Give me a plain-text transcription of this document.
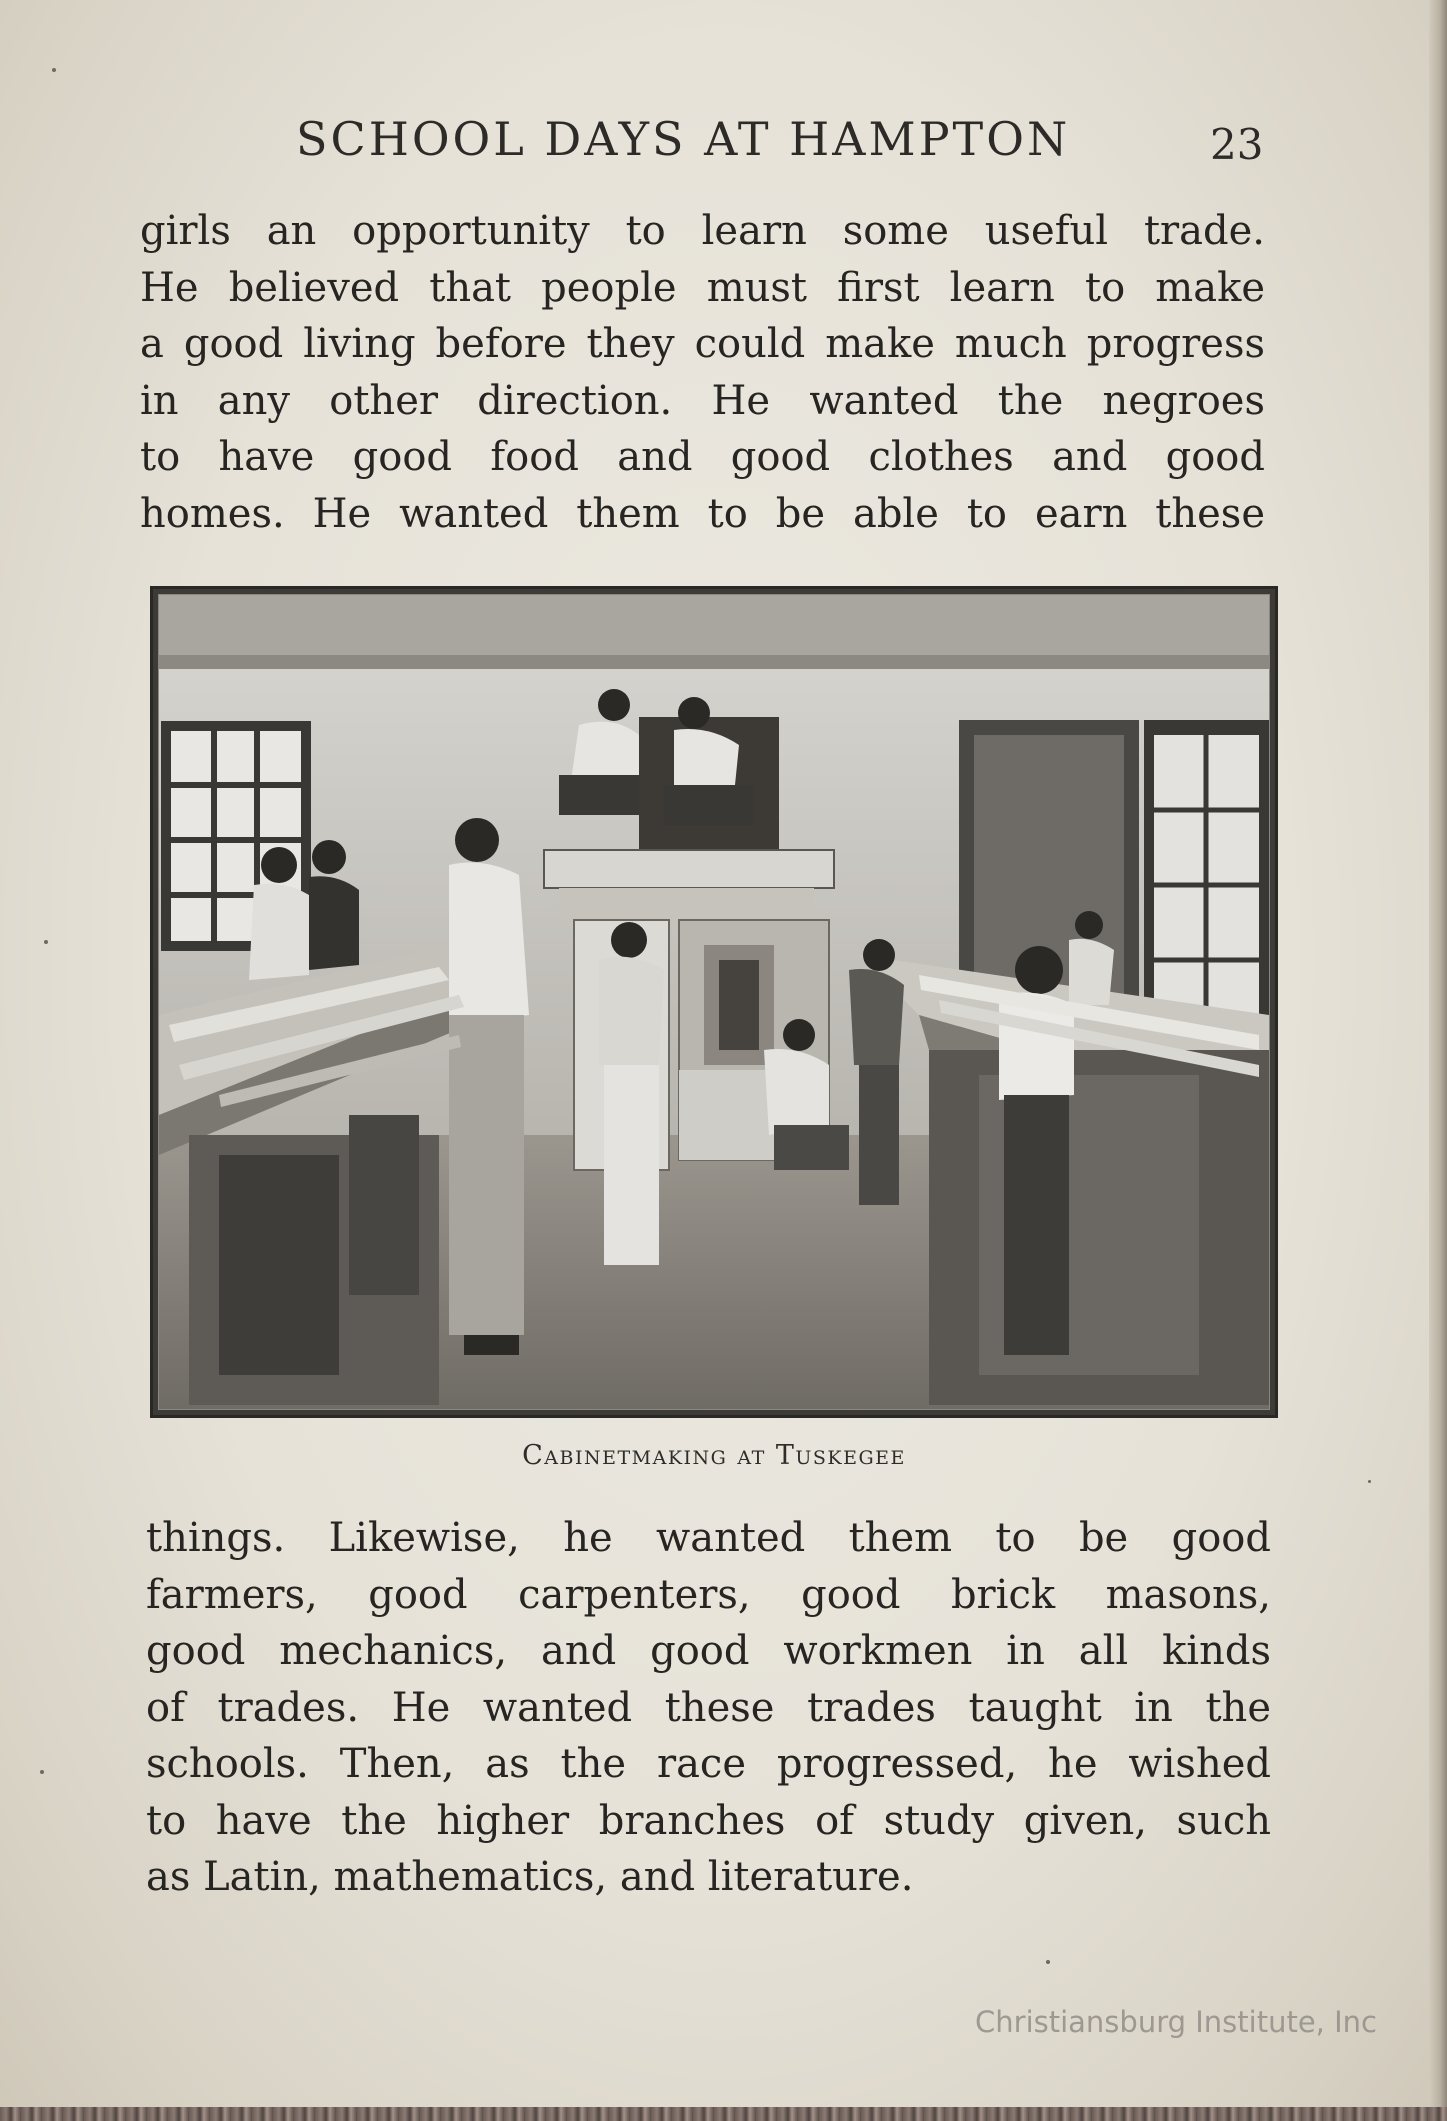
SCHOOL DAYS AT HAMPTON	23
girls an opportunity to learn some useful trade.
He believed that people must first learn to make
a good living before they could make much progress
in any other direction. He wanted the negroes
to have good food and good clothes and good
homes. He wanted them to be able to earn these
Cabinetmaking at Tuskegee
things. Likewise, he wanted them to be good
farmers, good carpenters, good brick masons,
good mechanics, and good workmen in all kinds
of trades. He wanted these trades taught in the
schools. Then, as the race progressed, he wished
to have the higher branches of study given, such
as Latin, mathematics, and literature.
Christiansburg Institute, Inc
